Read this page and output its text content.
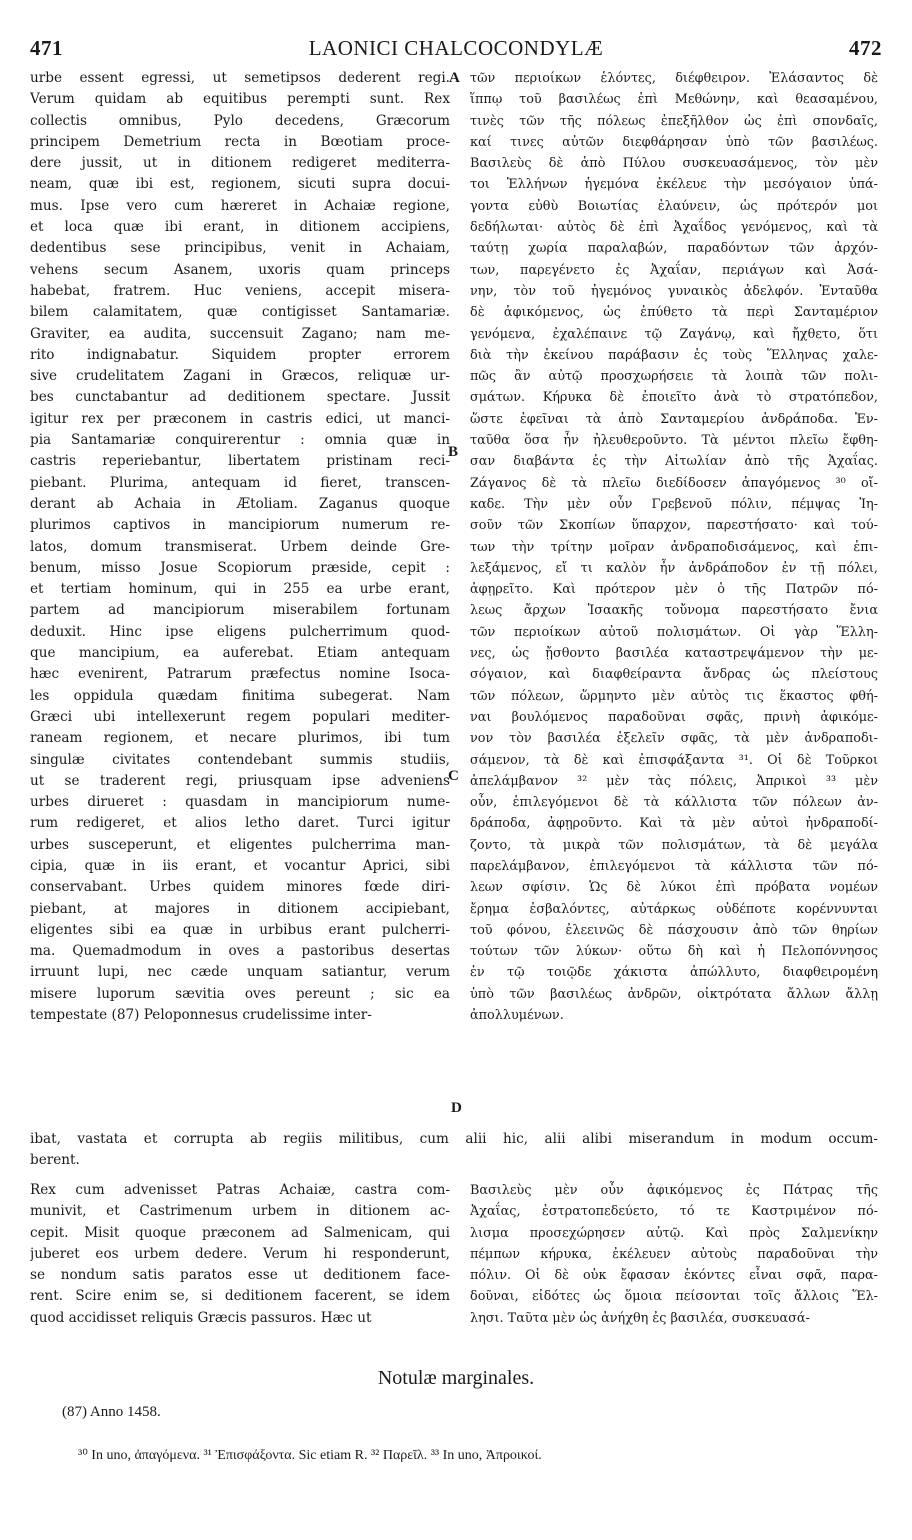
471	LAONICI CHALCOCONDYLÆ	472
A
B
C
D
urbe essent egressi, ut semetipsos dederent regi.
Verum quidam ab equitibus perempti sunt. Rex
collectis omnibus, Pylo decedens, Græcorum
principem Demetrium recta in Bœotiam proce-
dere jussit, ut in ditionem redigeret mediterra-
neam, quæ ibi est, regionem, sicuti supra docui-
mus. Ipse vero cum hæreret in Achaiæ regione,
et loca quæ ibi erant, in ditionem accipiens,
dedentibus sese principibus, venit in Achaiam,
vehens secum Asanem, uxoris quam princeps
habebat, fratrem. Huc veniens, accepit misera-
bilem calamitatem, quæ contigisset Santamariæ.
Graviter, ea audita, succensuit Zagano; nam me-
rito indignabatur. Siquidem propter errorem
sive crudelitatem Zagani in Græcos, reliquæ ur-
bes cunctabantur ad deditionem spectare. Jussit
igitur rex per præconem in castris edici, ut manci-
pia Santamariæ conquirerentur : omnia quæ in
castris reperiebantur, libertatem pristinam reci-
piebant. Plurima, antequam id fieret, transcen-
derant ab Achaia in Ætoliam. Zaganus quoque
plurimos captivos in mancipiorum numerum re-
latos, domum transmiserat. Urbem deinde Gre-
benum, misso Josue Scopiorum præside, cepit :
et tertiam hominum, qui in 255 ea urbe erant,
partem ad mancipiorum miserabilem fortunam
deduxit. Hinc ipse eligens pulcherrimum quod-
que mancipium, ea auferebat. Etiam antequam
hæc evenirent, Patrarum præfectus nomine Isoca-
les oppidula quædam finitima subegerat. Nam
Græci ubi intellexerunt regem populari mediter-
raneam regionem, et necare plurimos, ibi tum
singulæ civitates contendebant summis studiis,
ut se traderent regi, priusquam ipse adveniens
urbes dirueret : quasdam in mancipiorum nume-
rum redigeret, et alios letho daret. Turci igitur
urbes susceperunt, et eligentes pulcherrima man-
cipia, quæ in iis erant, et vocantur Aprici, sibi
conservabant. Urbes quidem minores fœde diri-
piebant, at majores in ditionem accipiebant,
eligentes sibi ea quæ in urbibus erant pulcherri-
ma. Quemadmodum in oves a pastoribus desertas
irruunt lupi, nec cæde unquam satiantur, verum
misere luporum sævitia oves pereunt ; sic ea
tempestate (87) Peloponnesus crudelissime inter-
τῶν περιοίκων ἑλόντες, διέφθειρον. Ἐλάσαντος δὲ
ἵππῳ τοῦ βασιλέως ἐπὶ Μεθώνην, καὶ θεασαμένου,
τινὲς τῶν τῆς πόλεως ἐπεξῆλθον ὡς ἐπὶ σπονδαῖς,
καί τινες αὐτῶν διεφθάρησαν ὑπὸ τῶν βασιλέως.
Βασιλεὺς δὲ ἀπὸ Πύλου συσκευασάμενος, τὸν μὲν
τοι Ἑλλήνων ἡγεμόνα ἐκέλευε τὴν μεσόγαιον ὑπά-
γοντα εὐθὺ Βοιωτίας ἐλαύνειν, ὡς πρότερόν μοι
δεδήλωται· αὐτὸς δὲ ἐπὶ Ἀχαΐδος γενόμενος, καὶ τὰ
ταύτῃ χωρία παραλαβών, παραδόντων τῶν ἀρχόν-
των, παρεγένετο ἐς Ἀχαΐαν, περιάγων καὶ Ἀσά-
νην, τὸν τοῦ ἡγεμόνος γυναικὸς ἀδελφόν. Ἐνταῦθα
δὲ ἀφικόμενος, ὡς ἐπύθετο τὰ περὶ Σανταμέριον
γενόμενα, ἐχαλέπαινε τῷ Ζαγάνῳ, καὶ ἤχθετο, ὅτι
διὰ τὴν ἐκείνου παράβασιν ἐς τοὺς Ἕλληνας χαλε-
πῶς ἂν αὐτῷ προσχωρήσειε τὰ λοιπὰ τῶν πολι-
σμάτων. Κήρυκα δὲ ἐποιεῖτο ἀνὰ τὸ στρατόπεδον,
ὥστε ἐφεῖναι τὰ ἀπὸ Σανταμερίου ἀνδράποδα. Ἐν-
ταῦθα ὅσα ἦν ἠλευθεροῦντο. Τὰ μέντοι πλεῖω ἔφθη-
σαν διαβάντα ἐς τὴν Αἰτωλίαν ἀπὸ τῆς Ἀχαΐας.
Ζάγανος δὲ τὰ πλεῖω διεδίδοσεν ἀπαγόμενος ³⁰ οἴ-
καδε. Τὴν μὲν οὖν Γρεβενοῦ πόλιν, πέμψας Ἰη-
σοῦν τῶν Σκοπίων ὕπαρχον, παρεστήσατο· καὶ τού-
των τὴν τρίτην μοῖραν ἀνδραποδισάμενος, καὶ ἐπι-
λεξάμενος, εἴ τι καλὸν ἦν ἀνδράποδον ἐν τῇ πόλει,
ἀφῃρεῖτο. Καὶ πρότερον μὲν ὁ τῆς Πατρῶν πό-
λεως ἄρχων Ἰσαακῆς τοὔνομα παρεστήσατο ἔνια
τῶν περιοίκων αὐτοῦ πολισμάτων. Οἱ γὰρ Ἕλλη-
νες, ὡς ᾔσθοντο βασιλέα καταστρεψάμενον τὴν με-
σόγαιον, καὶ διαφθείραντα ἄνδρας ὡς πλείστους
τῶν πόλεων, ὥρμηντο μὲν αὐτὸς τις ἕκαστος φθή-
ναι βουλόμενος παραδοῦναι σφᾶς, πρινὴ ἀφικόμε-
νον τὸν βασιλέα ἐξελεῖν σφᾶς, τὰ μὲν ἀνδραποδι-
σάμενον, τὰ δὲ καὶ ἐπισφάξαντα ³¹. Οἱ δὲ Τοῦρκοι
ἀπελάμβανον ³² μὲν τὰς πόλεις, Ἀπρικοὶ ³³ μὲν
οὖν, ἐπιλεγόμενοι δὲ τὰ κάλλιστα τῶν πόλεων ἀν-
δράποδα, ἀφῃροῦντο. Καὶ τὰ μὲν αὐτοὶ ἠνδραποδί-
ζοντο, τὰ μικρὰ τῶν πολισμάτων, τὰ δὲ μεγάλα
παρελάμβανον, ἐπιλεγόμενοι τὰ κάλλιστα τῶν πό-
λεων σφίσιν. Ὡς δὲ λύκοι ἐπὶ πρόβατα νομέων
ἔρημα ἐσβαλόντες, αὐτάρκως οὐδέποτε κορέννυνται
τοῦ φόνου, ἐλεεινῶς δὲ πάσχουσιν ἀπὸ τῶν θηρίων
τούτων τῶν λύκων· οὕτω δὴ καὶ ἡ Πελοπόννησος
ἐν τῷ τοιῷδε χάκιστα ἀπώλλυτο, διαφθειρομένη
ὑπὸ τῶν βασιλέως ἀνδρῶν, οἰκτρότατα ἄλλων ἄλλῃ
ἀπολλυμένων.
ibat, vastata et corrupta ab regiis militibus, cum alii hic, alii alibi miserandum in modum occum-
berent.
Rex cum advenisset Patras Achaiæ, castra com-
munivit, et Castrimenum urbem in ditionem ac-
cepit. Misit quoque præconem ad Salmenicam, qui
juberet eos urbem dedere. Verum hi responderunt,
se nondum satis paratos esse ut deditionem face-
rent. Scire enim se, si deditionem facerent, se idem
quod accidisset reliquis Græcis passuros. Hæc ut
Βασιλεὺς μὲν οὖν ἀφικόμενος ἐς Πάτρας τῆς
Ἀχαΐας, ἐστρατοπεδεύετο, τό τε Καστριμένον πό-
λισμα προσεχώρησεν αὐτῷ. Καὶ πρὸς Σαλμενίκην
πέμπων κήρυκα, ἐκέλευεν αὐτοὺς παραδοῦναι τὴν
πόλιν. Οἱ δὲ οὐκ ἔφασαν ἑκόντες εἶναι σφᾶ, παρα-
δοῦναι, εἰδότες ὡς ὅμοια πείσονται τοῖς ἄλλοις Ἕλ-
λησι. Ταῦτα μὲν ὡς ἀνήχθη ἐς βασιλέα, συσκευασά-
Notulæ marginales.
(87) Anno 1458.
³⁰ In uno, ἀπαγόμενα. ³¹ Ἐπισφάξοντα. Sic etiam R. ³² Παρεῖλ. ³³ In uno, Ἀπροικοί.
